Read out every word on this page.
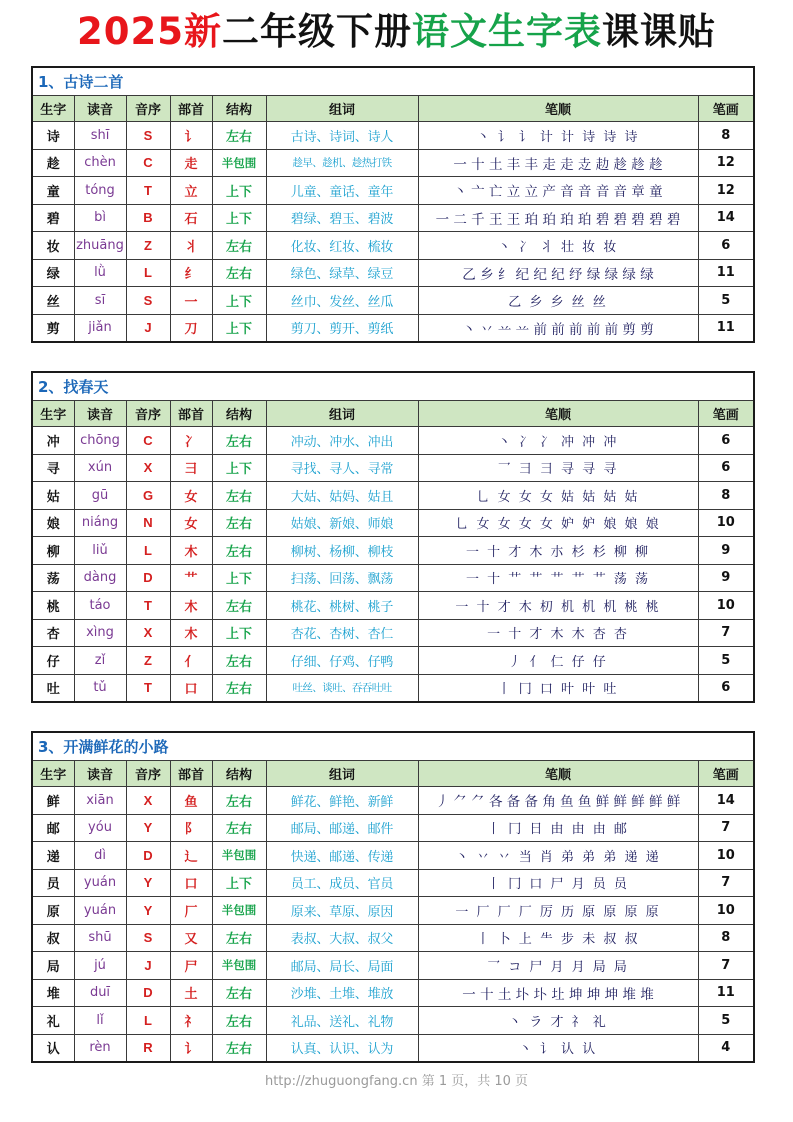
2025新二年级下册语文生字表课课贴
1、古诗二首							
生字	读音	音序	部首	结构	组词	笔顺	笔画
诗	shī	S	讠	左右	古诗、诗词、诗人	丶 讠 讠 计 计 诗 诗 诗	8
趁	chèn	C	走	半包围	趁早、趁机、趁热打铁	一 十 土 丰 丰 走 走 赱 赲 趁 趁 趁	12
童	tóng	T	立	上下	儿童、童话、童年	丶 亠 亡 立 立 产 音 音 音 音 章 童	12
碧	bì	B	石	上下	碧绿、碧玉、碧波	一 二 千 王 王 珀 珀 珀 珀 碧 碧 碧 碧 碧	14
妆	zhuāng	Z	丬	左右	化妆、红妆、梳妆	丶 冫 丬 壮 妆 妆	6
绿	lǜ	L	纟	左右	绿色、绿草、绿豆	乙 乡 纟 纪 纪 纪 纾 绿 绿 绿 绿	11
丝	sī	S	一	上下	丝巾、发丝、丝瓜	乙 乡 乡 丝 丝	5
剪	jiǎn	J	刀	上下	剪刀、剪开、剪纸	丶 丷 䒑 䒑 前 前 前 前 前 剪 剪	11
2、找春天							
生字	读音	音序	部首	结构	组词	笔顺	笔画
冲	chōng	C	冫	左右	冲动、冲水、冲出	丶 冫 冫 冲 冲 冲	6
寻	xún	X	彐	上下	寻找、寻人、寻常	乛 彐 彐 寻 寻 寻	6
姑	gū	G	女	左右	大姑、姑妈、姑且	乚 女 女 女 姑 姑 姑 姑	8
娘	niáng	N	女	左右	姑娘、新娘、师娘	乚 女 女 女 女 妒 妒 娘 娘 娘	10
柳	liǔ	L	木	左右	柳树、杨柳、柳枝	一 十 才 木 朩 杉 杉 柳 柳	9
荡	dàng	D	艹	上下	扫荡、回荡、飘荡	一 十 艹 艹 艹 艹 艹 荡 荡	9
桃	táo	T	木	左右	桃花、桃树、桃子	一 十 才 木 朷 机 机 机 桃 桃	10
杏	xìng	X	木	上下	杏花、杏树、杏仁	一 十 才 木 木 杏 杏	7
仔	zǐ	Z	亻	左右	仔细、仔鸡、仔鸭	丿 亻 仁 仔 仔	5
吐	tǔ	T	口	左右	吐丝、谈吐、吞吞吐吐	丨 冂 口 叶 叶 吐	6
3、开满鲜花的小路							
生字	读音	音序	部首	结构	组词	笔顺	笔画
鲜	xiān	X	鱼	左右	鲜花、鲜艳、新鲜	丿 ⺈ ⺈ 各 备 备 角 鱼 鱼 鲜 鲜 鲜 鲜 鲜	14
邮	yóu	Y	阝	左右	邮局、邮递、邮件	丨 冂 日 由 由 由 邮	7
递	dì	D	辶	半包围	快递、邮递、传递	丶 丷 丷 当 肖 弟 弟 弟 递 递	10
员	yuán	Y	口	上下	员工、成员、官员	丨 冂 口 尸 月 员 员	7
原	yuán	Y	厂	半包围	原来、草原、原因	一 厂 厂 厂 厉 历 原 原 原 原	10
叔	shū	S	又	左右	表叔、大叔、叔父	丨 卜 上 ⺧ 步 未 叔 叔	8
局	jú	J	尸	半包围	邮局、局长、局面	乛 コ 尸 月 月 局 局	7
堆	duī	D	土	左右	沙堆、土堆、堆放	一 十 土 圤 圤 圵 坤 坤 坤 堆 堆	11
礼	lǐ	L	礻	左右	礼品、送礼、礼物	丶 ラ 才 礻 礼	5
认	rèn	R	讠	左右	认真、认识、认为	丶 讠 认 认	4
http://zhuguongfang.cn 第 1 页，共 10 页
